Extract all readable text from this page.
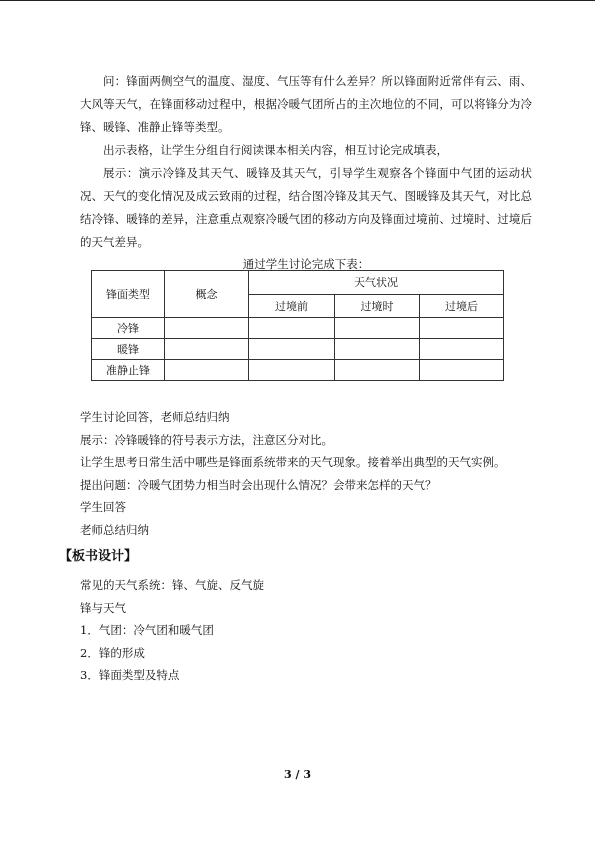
问：锋面两侧空气的温度、湿度、气压等有什么差异？所以锋面附近常伴有云、雨、大风等天气，在锋面移动过程中，根据冷暖气团所占的主次地位的不同，可以将锋分为冷锋、暖锋、准静止锋等类型。

出示表格，让学生分组自行阅读课本相关内容，相互讨论完成填表，

展示：演示冷锋及其天气、暖锋及其天气，引导学生观察各个锋面中气团的运动状况、天气的变化情况及成云致雨的过程，结合图冷锋及其天气、图暖锋及其天气，对比总结冷锋、暖锋的差异，注意重点观察冷暖气团的移动方向及锋面过境前、过境时、过境后的天气差异。

通过学生讨论完成下表：
锋面类型	概念	天气状况		
		过境前	过境时	过境后
冷锋				
暖锋				
准静止锋				

学生讨论回答，老师总结归纳

展示：冷锋暖锋的符号表示方法，注意区分对比。

让学生思考日常生活中哪些是锋面系统带来的天气现象。接着举出典型的天气实例。

提出问题：冷暖气团势力相当时会出现什么情况？会带来怎样的天气？

学生回答

老师总结归纳

【板书设计】

常见的天气系统：锋、气旋、反气旋

锋与天气

1．气团：冷气团和暖气团

2．锋的形成

3．锋面类型及特点

3 / 3
